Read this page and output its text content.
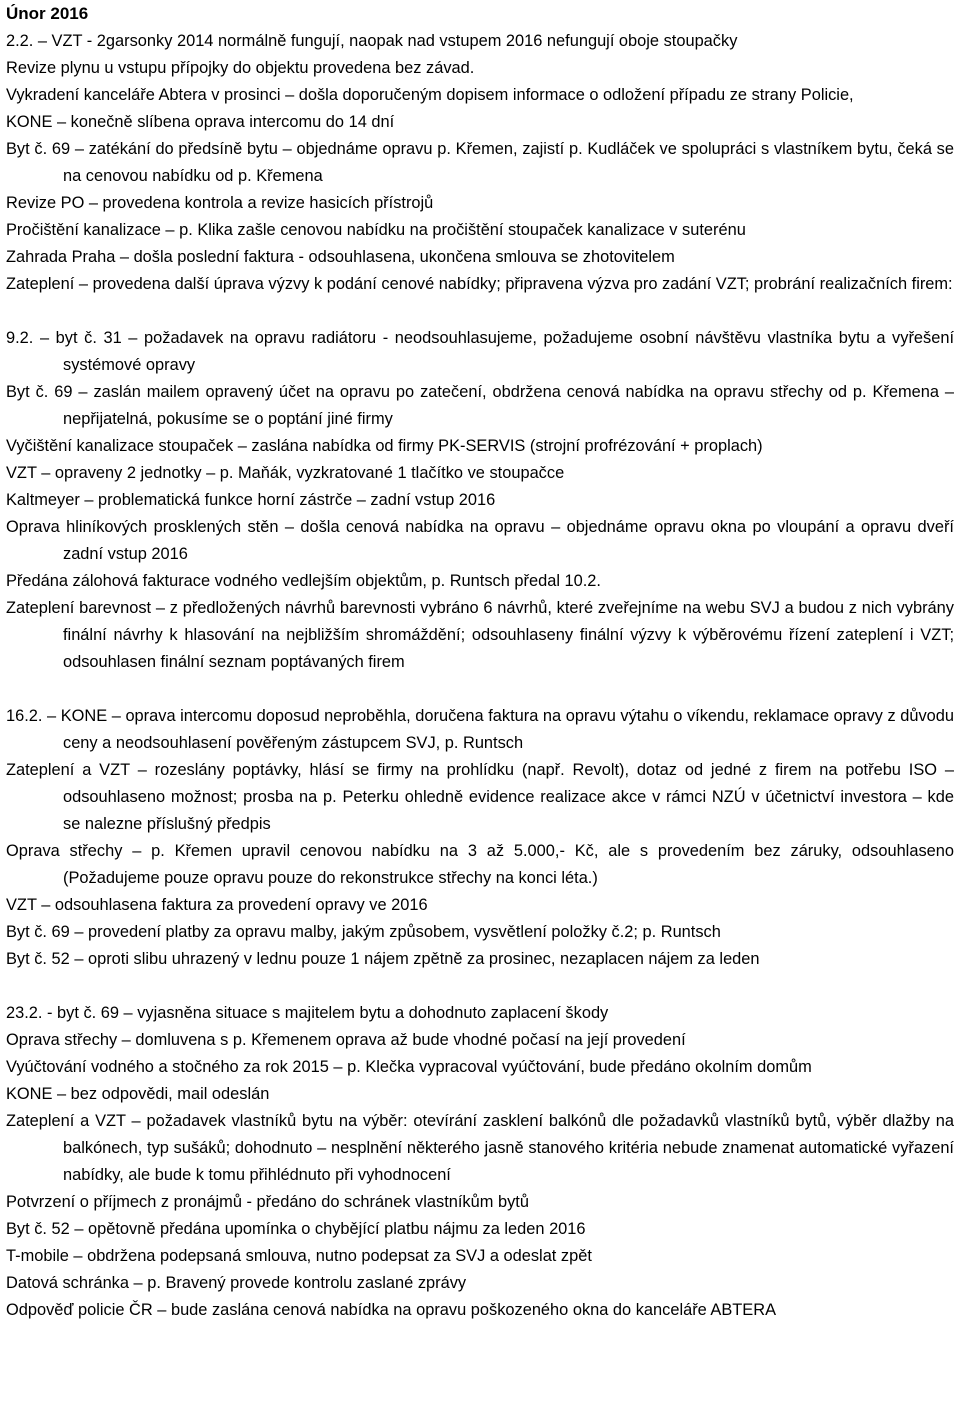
Únor 2016

2.2. – VZT - 2garsonky 2014 normálně fungují, naopak nad vstupem 2016 nefungují oboje stoupačky

Revize plynu u vstupu přípojky do objektu provedena bez závad.

Vykradení kanceláře Abtera v prosinci – došla doporučeným dopisem informace o odložení případu ze strany Policie,

KONE – konečně slíbena oprava intercomu do 14 dní

Byt č. 69 – zatékání do předsíně bytu – objednáme opravu p. Křemen, zajistí p. Kudláček ve spolupráci s vlastníkem bytu, čeká se na cenovou nabídku od p. Křemena

Revize PO – provedena kontrola a revize hasicích přístrojů

Pročištění kanalizace – p. Klika zašle cenovou nabídku na pročištění stoupaček kanalizace v suterénu

Zahrada Praha – došla poslední faktura - odsouhlasena, ukončena smlouva se zhotovitelem

Zateplení – provedena další úprava výzvy k podání cenové nabídky; připravena výzva pro zadání VZT; probrání realizačních firem:

9.2. – byt č. 31 – požadavek na opravu radiátoru - neodsouhlasujeme, požadujeme osobní návštěvu vlastníka bytu a vyřešení systémové opravy

Byt č. 69 – zaslán mailem opravený účet na opravu po zatečení, obdržena cenová nabídka na opravu střechy od p. Křemena – nepřijatelná, pokusíme se o poptání jiné firmy

Vyčištění kanalizace stoupaček – zaslána nabídka od firmy PK-SERVIS (strojní profrézování + proplach)

VZT – opraveny 2 jednotky – p. Maňák, vyzkratované 1 tlačítko ve stoupačce

Kaltmeyer – problematická funkce horní zástrče – zadní vstup 2016

Oprava hliníkových prosklených stěn – došla cenová nabídka na opravu – objednáme opravu okna po vloupání a opravu dveří zadní vstup 2016

Předána zálohová fakturace vodného vedlejším objektům, p. Runtsch předal 10.2.

Zateplení barevnost – z předložených návrhů barevnosti vybráno 6 návrhů, které zveřejníme na webu SVJ a budou z nich vybrány finální návrhy k hlasování na nejbližším shromáždění; odsouhlaseny finální výzvy k výběrovému řízení zateplení i VZT; odsouhlasen finální seznam poptávaných firem

16.2. – KONE – oprava intercomu doposud neproběhla, doručena faktura na opravu výtahu o víkendu, reklamace opravy z důvodu ceny a neodsouhlasení pověřeným zástupcem SVJ, p. Runtsch

Zateplení a VZT – rozeslány poptávky, hlásí se firmy na prohlídku (např. Revolt), dotaz od jedné z firem na potřebu ISO – odsouhlaseno možnost; prosba na p. Peterku ohledně evidence realizace akce v rámci NZÚ v účetnictví investora – kde se nalezne příslušný předpis

Oprava střechy – p. Křemen upravil cenovou nabídku na 3 až 5.000,- Kč, ale s provedením bez záruky, odsouhlaseno (Požadujeme pouze opravu pouze do rekonstrukce střechy na konci léta.)

VZT – odsouhlasena faktura za provedení opravy ve 2016

Byt č. 69 – provedení platby za opravu malby, jakým způsobem, vysvětlení položky č.2; p. Runtsch

Byt č. 52 – oproti slibu uhrazený v lednu pouze 1 nájem zpětně za prosinec, nezaplacen nájem za leden

23.2. - byt č. 69 – vyjasněna situace s majitelem bytu a dohodnuto zaplacení škody

Oprava střechy – domluvena s p. Křemenem oprava až bude vhodné počasí na její provedení

Vyúčtování vodného a stočného za rok 2015 – p. Klečka vypracoval vyúčtování, bude předáno okolním domům

KONE – bez odpovědi, mail odeslán

Zateplení a VZT – požadavek vlastníků bytu na výběr: otevírání zasklení balkónů dle požadavků vlastníků bytů, výběr dlažby na balkónech, typ sušáků; dohodnuto – nesplnění některého jasně stanového kritéria nebude znamenat automatické vyřazení nabídky, ale bude k tomu přihlédnuto při vyhodnocení

Potvrzení o příjmech z pronájmů - předáno do schránek vlastníkům bytů

Byt č. 52 – opětovně předána upomínka o chybějící platbu nájmu za leden 2016

T-mobile – obdržena podepsaná smlouva, nutno podepsat za SVJ a odeslat zpět

Datová schránka – p. Bravený provede kontrolu zaslané zprávy

Odpověď policie ČR – bude zaslána cenová nabídka na opravu poškozeného okna do kanceláře ABTERA
